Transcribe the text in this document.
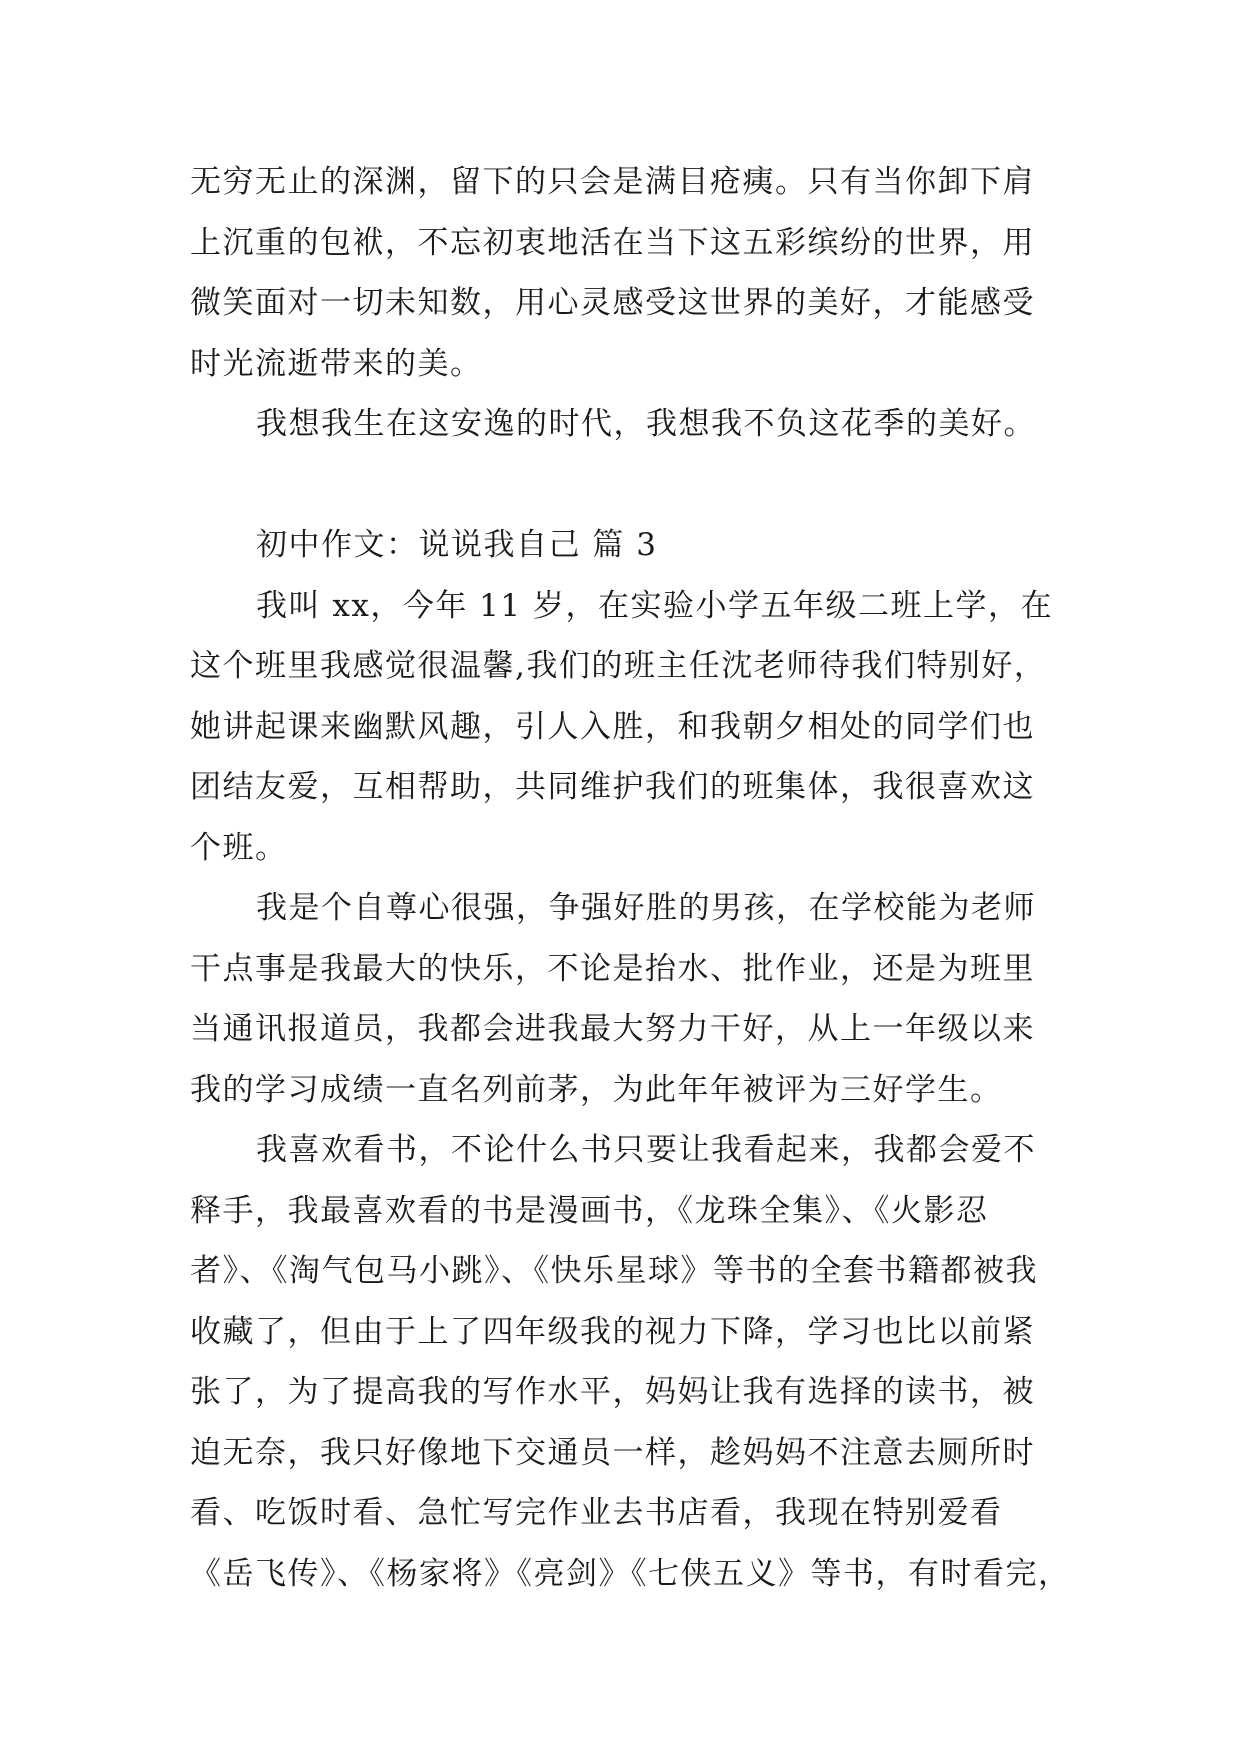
无穷无止的深渊，留下的只会是满目疮痍。只有当你卸下肩
上沉重的包袱，不忘初衷地活在当下这五彩缤纷的世界，用
微笑面对一切未知数，用心灵感受这世界的美好，才能感受
时光流逝带来的美。

我想我生在这安逸的时代，我想我不负这花季的美好。

初中作文：说说我自己 篇 3

我叫 xx，今年 11 岁，在实验小学五年级二班上学，在
这个班里我感觉很温馨,我们的班主任沈老师待我们特别好，
她讲起课来幽默风趣，引人入胜，和我朝夕相处的同学们也
团结友爱，互相帮助，共同维护我们的班集体，我很喜欢这
个班。

我是个自尊心很强，争强好胜的男孩，在学校能为老师
干点事是我最大的快乐，不论是抬水、批作业，还是为班里
当通讯报道员，我都会进我最大努力干好，从上一年级以来
我的学习成绩一直名列前茅，为此年年被评为三好学生。

我喜欢看书，不论什么书只要让我看起来，我都会爱不
释手，我最喜欢看的书是漫画书，《龙珠全集》、《火影忍
者》、《淘气包马小跳》、《快乐星球》等书的全套书籍都被我
收藏了，但由于上了四年级我的视力下降，学习也比以前紧
张了，为了提高我的写作水平，妈妈让我有选择的读书，被
迫无奈，我只好像地下交通员一样，趁妈妈不注意去厕所时
看、吃饭时看、急忙写完作业去书店看，我现在特别爱看
《岳飞传》、《杨家将》《亮剑》《七侠五义》等书，有时看完，
